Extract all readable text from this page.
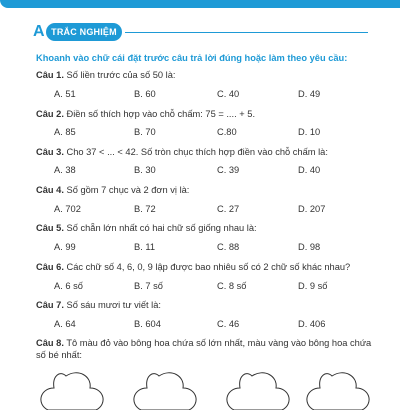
A TRẮC NGHIỆM
Khoanh vào chữ cái đặt trước câu trả lời đúng hoặc làm theo yêu cầu:
Câu 1. Số liền trước của số 50 là:
A. 51	B. 60	C. 40	D. 49
Câu 2. Điền số thích hợp vào chỗ chấm: 75 = .... + 5.
A. 85	B. 70	C.80	D. 10
Câu 3. Cho 37 < ... < 42. Số tròn chục thích hợp điền vào chỗ chấm là:
A. 38	B. 30	C. 39	D. 40
Câu 4. Số gồm 7 chục và 2 đơn vị là:
A. 702	B. 72	C. 27	D. 207
Câu 5. Số chẵn lớn nhất có hai chữ số giống nhau là:
A. 99	B. 11	C. 88	D. 98
Câu 6. Các chữ số 4, 6, 0, 9 lập được bao nhiêu số có 2 chữ số khác nhau?
A. 6 số	B. 7 số	C. 8 số	D. 9 số
Câu 7. Số sáu mươi tư viết là:
A. 64	B. 604	C. 46	D. 406
Câu 8. Tô màu đỏ vào bông hoa chứa số lớn nhất, màu vàng vào bông hoa chứa số bé nhất:
